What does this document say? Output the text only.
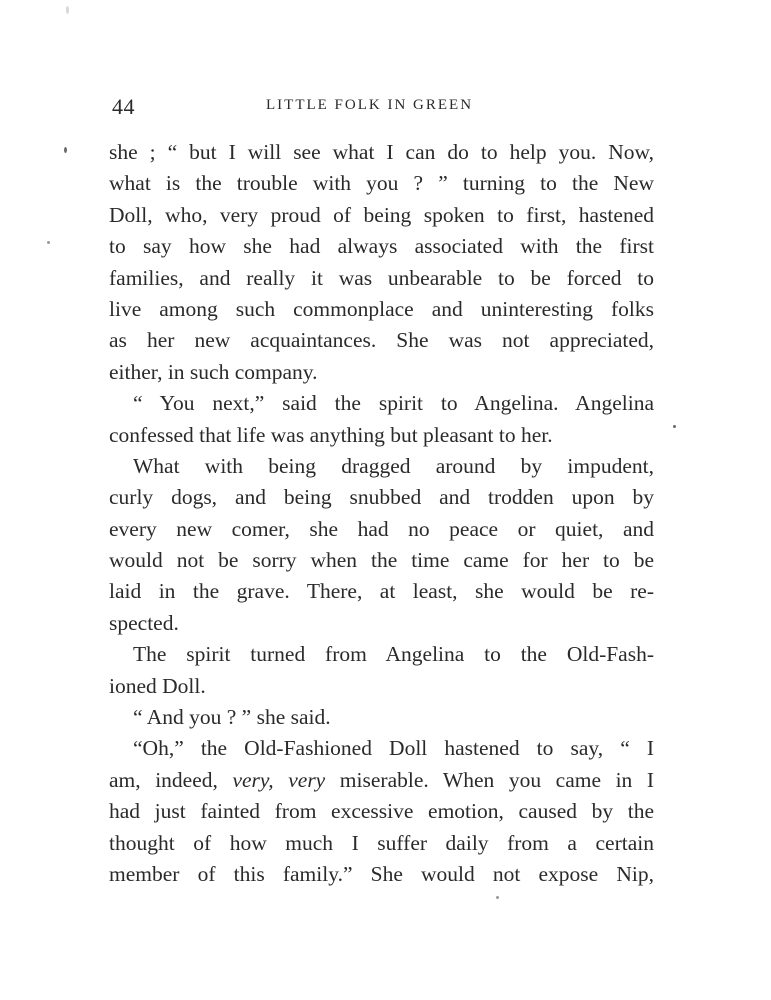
44	LITTLE FOLK IN GREEN
she ; “ but I will see what I can do to help you. Now,
what is the trouble with you ? ” turning to the New
Doll, who, very proud of being spoken to first, hastened
to say how she had always associated with the first
families, and really it was unbearable to be forced to
live among such commonplace and uninteresting folks
as her new acquaintances. She was not appreciated,
either, in such company.
“ You next,” said the spirit to Angelina. Angelina
confessed that life was anything but pleasant to her.
What with being dragged around by impudent,
curly dogs, and being snubbed and trodden upon by
every new comer, she had no peace or quiet, and
would not be sorry when the time came for her to be
laid in the grave. There, at least, she would be re-
spected.
The spirit turned from Angelina to the Old-Fash-
ioned Doll.
“ And you ? ” she said.
“Oh,” the Old-Fashioned Doll hastened to say, “ I
am, indeed, very, very miserable. When you came in I
had just fainted from excessive emotion, caused by the
thought of how much I suffer daily from a certain
member of this family.” She would not expose Nip,
